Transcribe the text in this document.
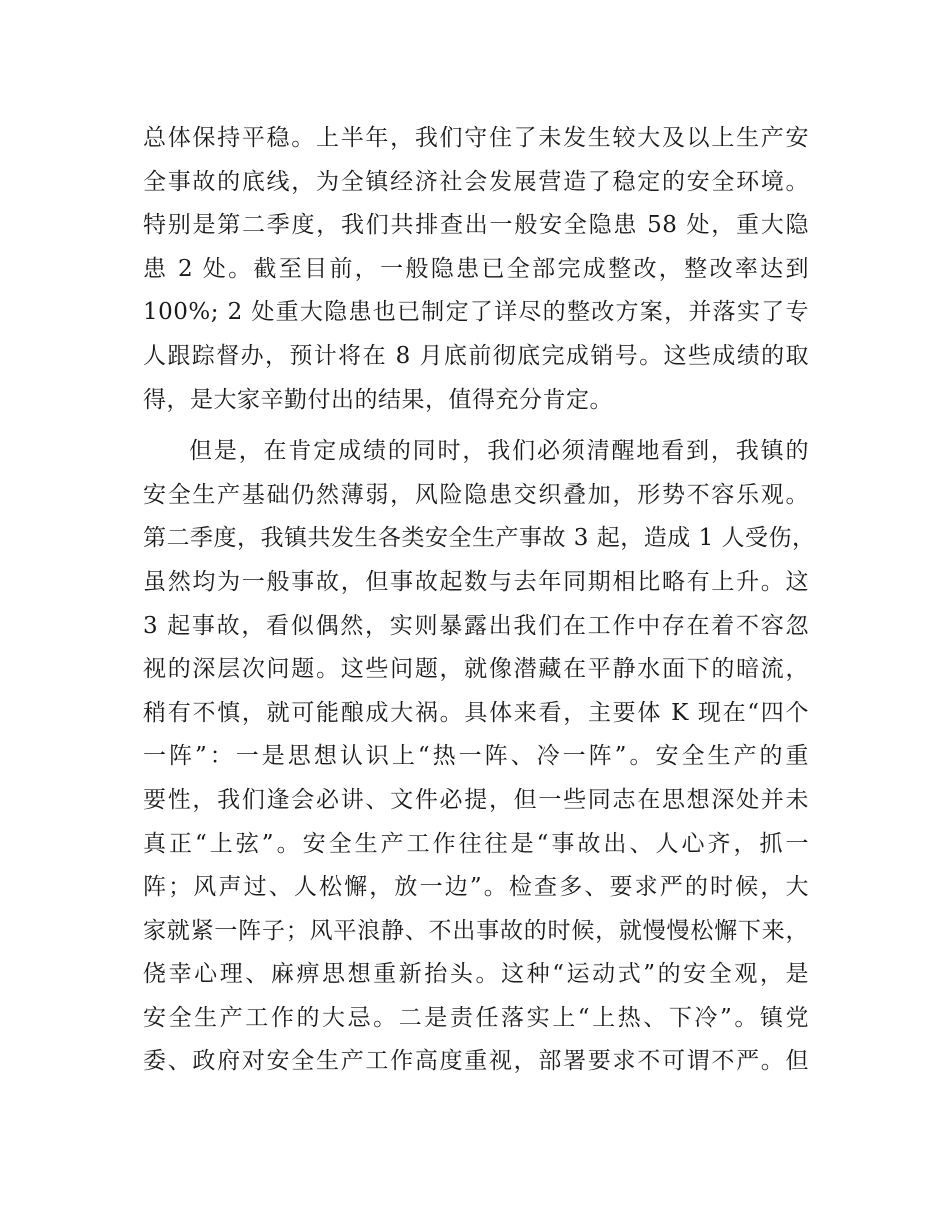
总体保持平稳。上半年，我们守住了未发生较大及以上生产安
全事故的底线，为全镇经济社会发展营造了稳定的安全环境。
特别是第二季度，我们共排查出一般安全隐患 58 处，重大隐
患 2 处。截至目前，一般隐患已全部完成整改，整改率达到
100%; 2 处重大隐患也已制定了详尽的整改方案，并落实了专
人跟踪督办，预计将在 8 月底前彻底完成销号。这些成绩的取
得，是大家辛勤付出的结果，值得充分肯定。
但是，在肯定成绩的同时，我们必须清醒地看到，我镇的
安全生产基础仍然薄弱，风险隐患交织叠加，形势不容乐观。
第二季度，我镇共发生各类安全生产事故 3 起，造成 1 人受伤，
虽然均为一般事故，但事故起数与去年同期相比略有上升。这
3 起事故，看似偶然，实则暴露出我们在工作中存在着不容忽
视的深层次问题。这些问题，就像潜藏在平静水面下的暗流，
稍有不慎，就可能酿成大祸。具体来看，主要体 K 现在“四个
一阵”：一是思想认识上“热一阵、冷一阵”。安全生产的重
要性，我们逢会必讲、文件必提，但一些同志在思想深处并未
真正“上弦”。安全生产工作往往是“事故出、人心齐，抓一
阵；风声过、人松懈，放一边”。检查多、要求严的时候，大
家就紧一阵子；风平浪静、不出事故的时候，就慢慢松懈下来，
侥幸心理、麻痹思想重新抬头。这种“运动式”的安全观，是
安全生产工作的大忌。二是责任落实上“上热、下冷”。镇党
委、政府对安全生产工作高度重视，部署要求不可谓不严。但
